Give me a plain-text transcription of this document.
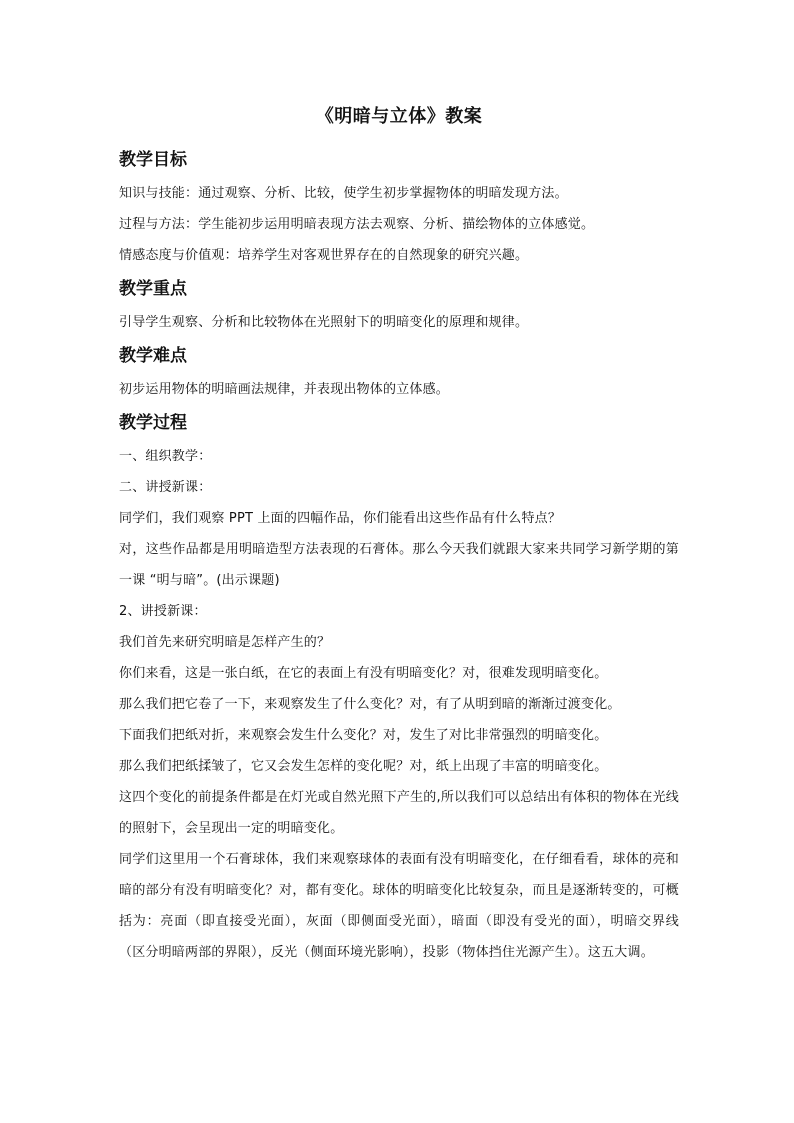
《明暗与立体》教案
教学目标

知识与技能：通过观察、分析、比较，使学生初步掌握物体的明暗发现方法。

过程与方法：学生能初步运用明暗表现方法去观察、分析、描绘物体的立体感觉。

情感态度与价值观：培养学生对客观世界存在的自然现象的研究兴趣。

教学重点

引导学生观察、分析和比较物体在光照射下的明暗变化的原理和规律。

教学难点

初步运用物体的明暗画法规律，并表现出物体的立体感。

教学过程

一、组织教学：

二、讲授新课：

同学们，我们观察 PPT 上面的四幅作品，你们能看出这些作品有什么特点？

对，这些作品都是用明暗造型方法表现的石膏体。那么今天我们就跟大家来共同学习新学期的第一课 “明与暗”。(出示课题)

2、讲授新课：

我们首先来研究明暗是怎样产生的？

你们来看，这是一张白纸，在它的表面上有没有明暗变化？对，很难发现明暗变化。

那么我们把它卷了一下，来观察发生了什么变化？对，有了从明到暗的渐渐过渡变化。

下面我们把纸对折，来观察会发生什么变化？对，发生了对比非常强烈的明暗变化。

那么我们把纸揉皱了，它又会发生怎样的变化呢？对，纸上出现了丰富的明暗变化。

这四个变化的前提条件都是在灯光或自然光照下产生的,所以我们可以总结出有体积的物体在光线的照射下，会呈现出一定的明暗变化。

同学们这里用一个石膏球体，我们来观察球体的表面有没有明暗变化，在仔细看看，球体的亮和暗的部分有没有明暗变化？对，都有变化。球体的明暗变化比较复杂，而且是逐渐转变的，可概括为：亮面（即直接受光面），灰面（即侧面受光面），暗面（即没有受光的面），明暗交界线（区分明暗两部的界限），反光（侧面环境光影响），投影（物体挡住光源产生）。这五大调。
